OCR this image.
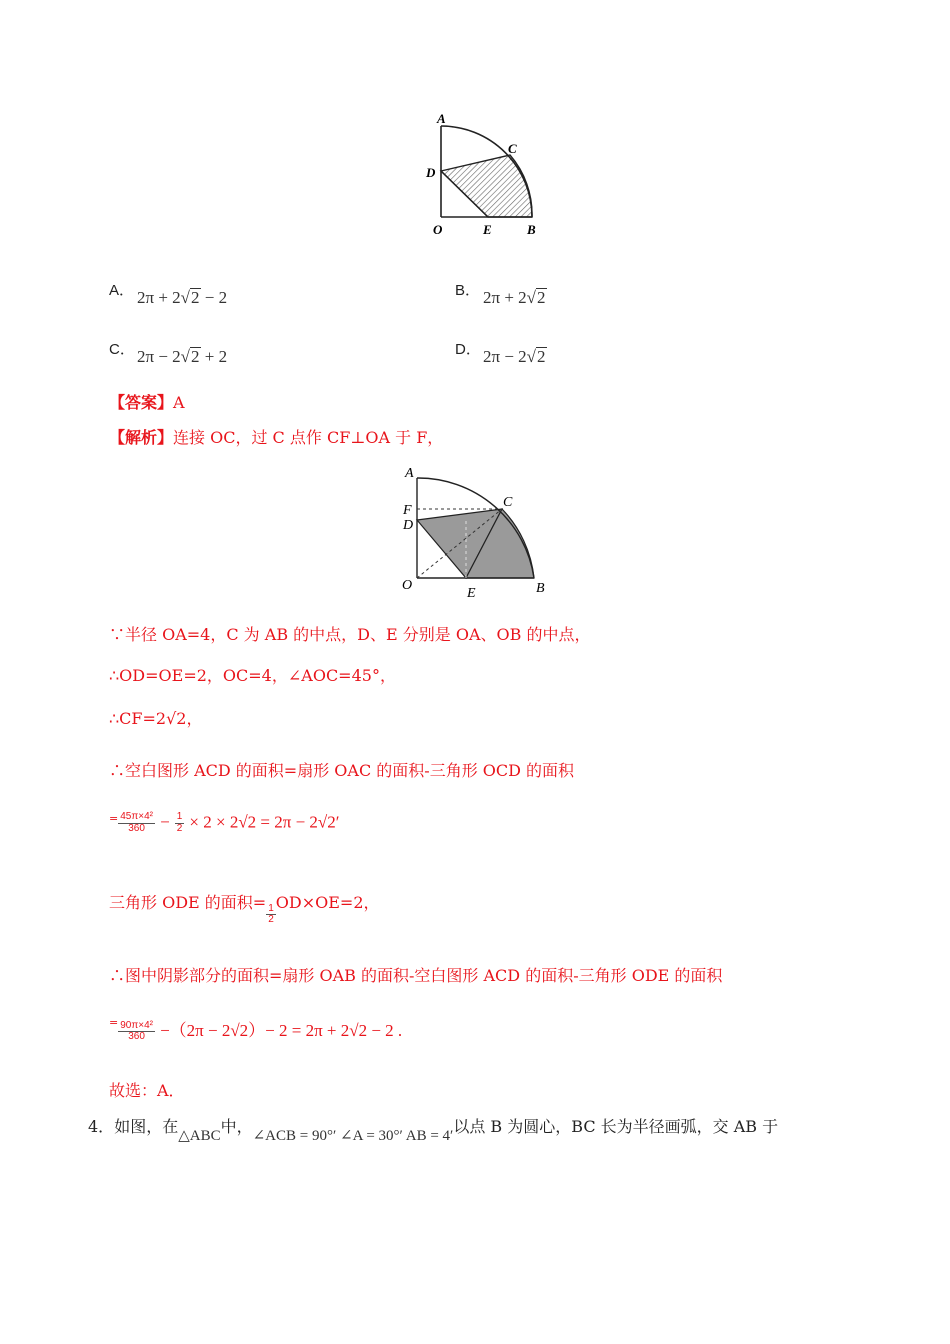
A
C
D
O	E	B
A． 2π + 2√2 − 2	B． 2π + 2√2
C． 2π − 2√2 + 2	D． 2π − 2√2
【答案】A
【解析】连接 OC，过 C 点作 CF⊥OA 于 F，
A
F
D
C
O
E	B
∵半径 OA=4，C 为 AB 的中点，D、E 分别是 OA、OB 的中点，
∴OD=OE=2，OC=4，∠AOC=45°，
∴CF=2√2，
∴空白图形 ACD 的面积=扇形 OAC 的面积-三角形 OCD 的面积
$^= \frac{\text{45π×4²}}{360} - \frac{1}{2} \times 2 \times 2√2 = 2\pi - 2√2'$
三角形 ODE 的面积=
$\frac{1}{2}$
OD×OE=2，
∴图中阴影部分的面积=扇形 OAB 的面积-空白图形 ACD 的面积-三角形 ODE 的面积
$^= \frac{\text{90π×4²}}{360} -(2\pi - 2√2)- 2 = 2\pi + 2√2 - 2$ .
故选：A．
4．如图，在△ABC中，∠ACB = 90°′ ∠A = 30°′ AB = 4′以点 B 为圆心，BC 长为半径画弧，交 AB 于
